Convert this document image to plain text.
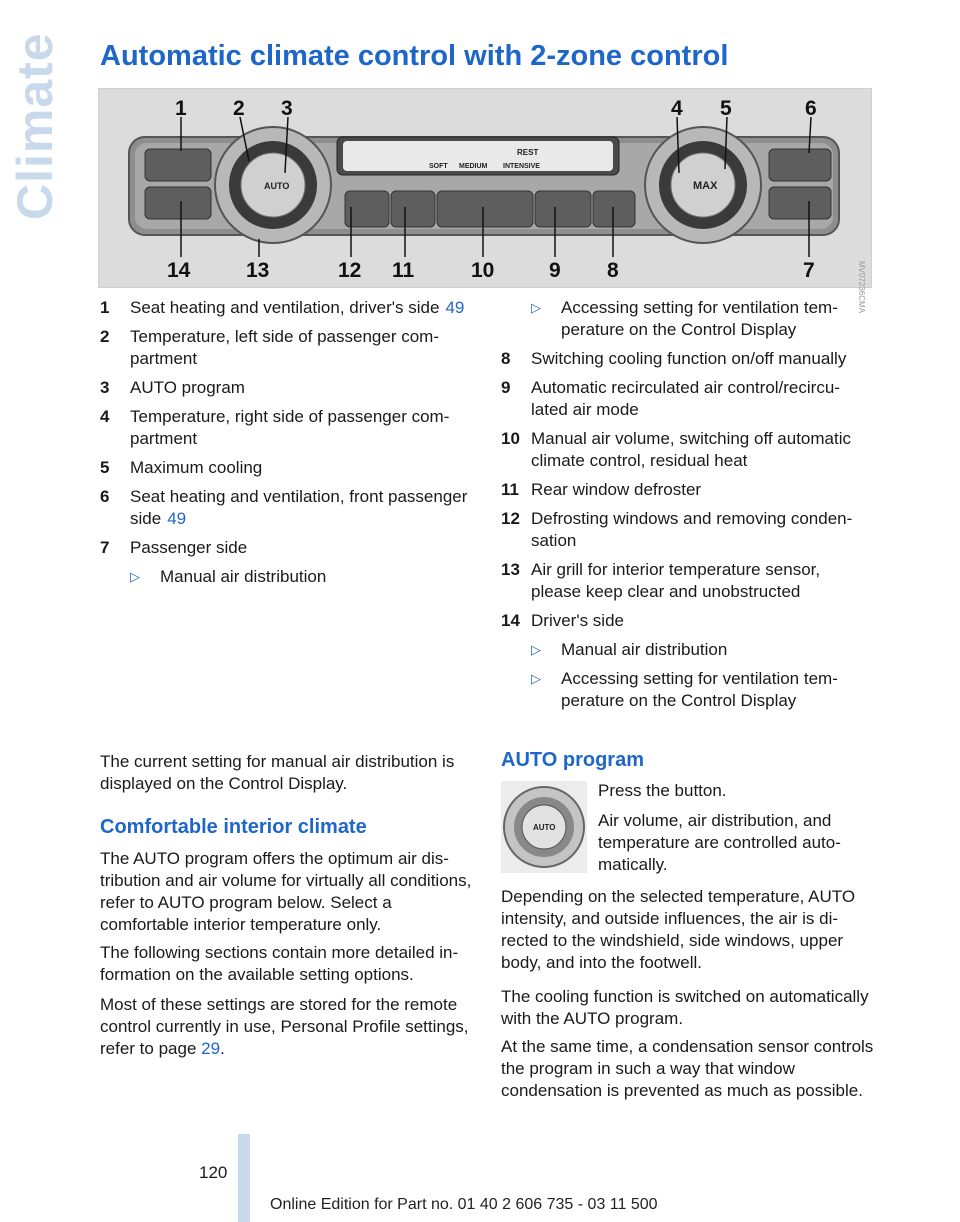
Climate Automatic climate control with 2-zone control
1 2 3	4 5	6
14	13	12 11	10	9 8	7
AUTO	MAX
REST
SOFT MEDIUM INTENSIVE
MV07236CMA
1 Seat heating and ventilation, driver's side 49
2 Temperature, left side of passenger compartment
3 AUTO program
4 Temperature, right side of passenger compartment
5 Maximum cooling
6 Seat heating and ventilation, front passenger side 49
7 Passenger side
▷ Manual air distribution
▷ Accessing setting for ventilation temperature on the Control Display
8 Switching cooling function on/off manually
9 Automatic recirculated air control/recirculated air mode
10 Manual air volume, switching off automatic climate control, residual heat
11 Rear window defroster
12 Defrosting windows and removing condensation
13 Air grill for interior temperature sensor, please keep clear and unobstructed
14 Driver's side
▷ Manual air distribution
▷ Accessing setting for ventilation temperature on the Control Display

The current setting for manual air distribution is displayed on the Control Display.

Comfortable interior climate

The AUTO program offers the optimum air distribution and air volume for virtually all conditions, refer to AUTO program below. Select a comfortable interior temperature only.

The following sections contain more detailed information on the available setting options.

Most of these settings are stored for the remote control currently in use, Personal Profile settings, refer to page 29.

AUTO program
AUTO

Press the button.

Air volume, air distribution, and temperature are controlled automatically.

Depending on the selected temperature, AUTO intensity, and outside influences, the air is directed to the windshield, side windows, upper body, and into the footwell.

The cooling function is switched on automatically with the AUTO program.

At the same time, a condensation sensor controls the program in such a way that window condensation is prevented as much as possible.

120
Online Edition for Part no. 01 40 2 606 735 - 03 11 500
